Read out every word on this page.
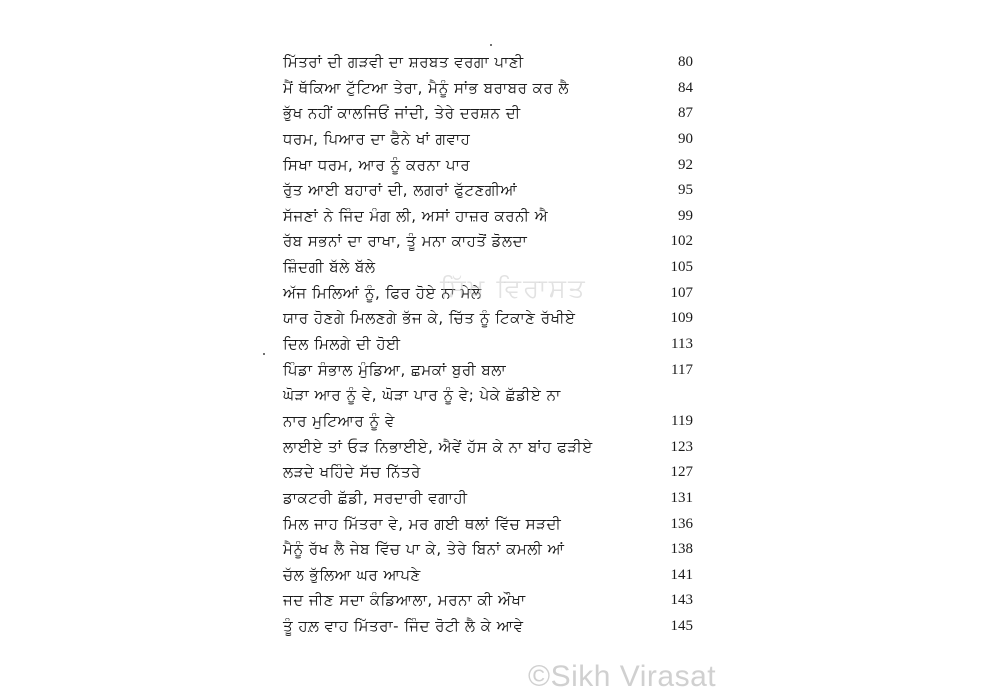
ਮਿੱਤਰਾਂ ਦੀ ਗੜਵੀ ਦਾ ਸ਼ਰਬਤ ਵਰਗਾ ਪਾਣੀ	80
ਮੈਂ ਥੱਕਿਆ ਟੁੱਟਿਆ ਤੇਰਾ, ਮੈਨੂੰ ਸਾਂਭ ਬਰਾਬਰ ਕਰ ਲੈ	84
ਭੁੱਖ ਨਹੀਂ ਕਾਲਜਿਓਂ ਜਾਂਦੀ, ਤੇਰੇ ਦਰਸ਼ਨ ਦੀ	87
ਧਰਮ, ਪਿਆਰ ਦਾ ਫੈਨੇ ਖਾਂ ਗਵਾਹ	90
ਸਿਖਾ ਧਰਮ, ਆਰ ਨੂੰ ਕਰਨਾ ਪਾਰ	92
ਰੁੱਤ ਆਈ ਬਹਾਰਾਂ ਦੀ, ਲਗਰਾਂ ਫੁੱਟਣਗੀਆਂ	95
ਸੱਜਣਾਂ ਨੇ ਜਿੰਦ ਮੰਗ ਲੀ, ਅਸਾਂ ਹਾਜ਼ਰ ਕਰਨੀ ਐ	99
ਰੱਬ ਸਭਨਾਂ ਦਾ ਰਾਖਾ, ਤੂੰ ਮਨਾ ਕਾਹਤੋਂ ਡੋਲਦਾ	102
ਜ਼ਿੰਦਗੀ ਬੱਲੇ ਬੱਲੇ	105
ਅੱਜ ਮਿਲਿਆਂ ਨੂੰ, ਫਿਰ ਹੋਏ ਨਾ ਮੇਲੇ	107
ਯਾਰ ਹੋਣਗੇ ਮਿਲਣਗੇ ਭੱਜ ਕੇ, ਚਿੱਤ ਨੂੰ ਟਿਕਾਣੇ ਰੱਖੀਏ	109
ਦਿਲ ਮਿਲਗੇ ਦੀ ਹੋਈ	113
ਪਿੰਡਾ ਸੰਭਾਲ ਮੁੰਡਿਆ, ਛਮਕਾਂ ਬੁਰੀ ਬਲਾ	117
ਘੋੜਾ ਆਰ ਨੂੰ ਵੇ, ਘੋੜਾ ਪਾਰ ਨੂੰ ਵੇ; ਪੇਕੇ ਛੱਡੀਏ ਨਾ
ਨਾਰ ਮੁਟਿਆਰ ਨੂੰ ਵੇ	119
ਲਾਈਏ ਤਾਂ ਓੜ ਨਿਭਾਈਏ, ਐਵੇਂ ਹੱਸ ਕੇ ਨਾ ਬਾਂਹ ਫੜੀਏ	123
ਲੜਦੇ ਖਹਿੰਦੇ ਸੱਚ ਨਿੱਤਰੇ	127
ਡਾਕਟਰੀ ਛੱਡੀ, ਸਰਦਾਰੀ ਵਗਾਹੀ	131
ਮਿਲ ਜਾਹ ਮਿੱਤਰਾ ਵੇ, ਮਰ ਗਈ ਥਲਾਂ ਵਿੱਚ ਸੜਦੀ	136
ਮੈਨੂੰ ਰੱਖ ਲੈ ਜੇਬ ਵਿੱਚ ਪਾ ਕੇ, ਤੇਰੇ ਬਿਨਾਂ ਕਮਲੀ ਆਂ	138
ਚੱਲ ਭੁੱਲਿਆ ਘਰ ਆਪਣੇ	141
ਜਦ ਜੀਣ ਸਦਾ ਕੰਡਿਆਲਾ, ਮਰਨਾ ਕੀ ਔਖਾ	143
ਤੂੰ ਹਲ਼ ਵਾਹ ਮਿੱਤਰਾ- ਜਿੰਦ ਰੋਟੀ ਲੈ ਕੇ ਆਵੇ	145
ਸਿੱਖ ਵਿਰਾਸਤ
©Sikh Virasat
